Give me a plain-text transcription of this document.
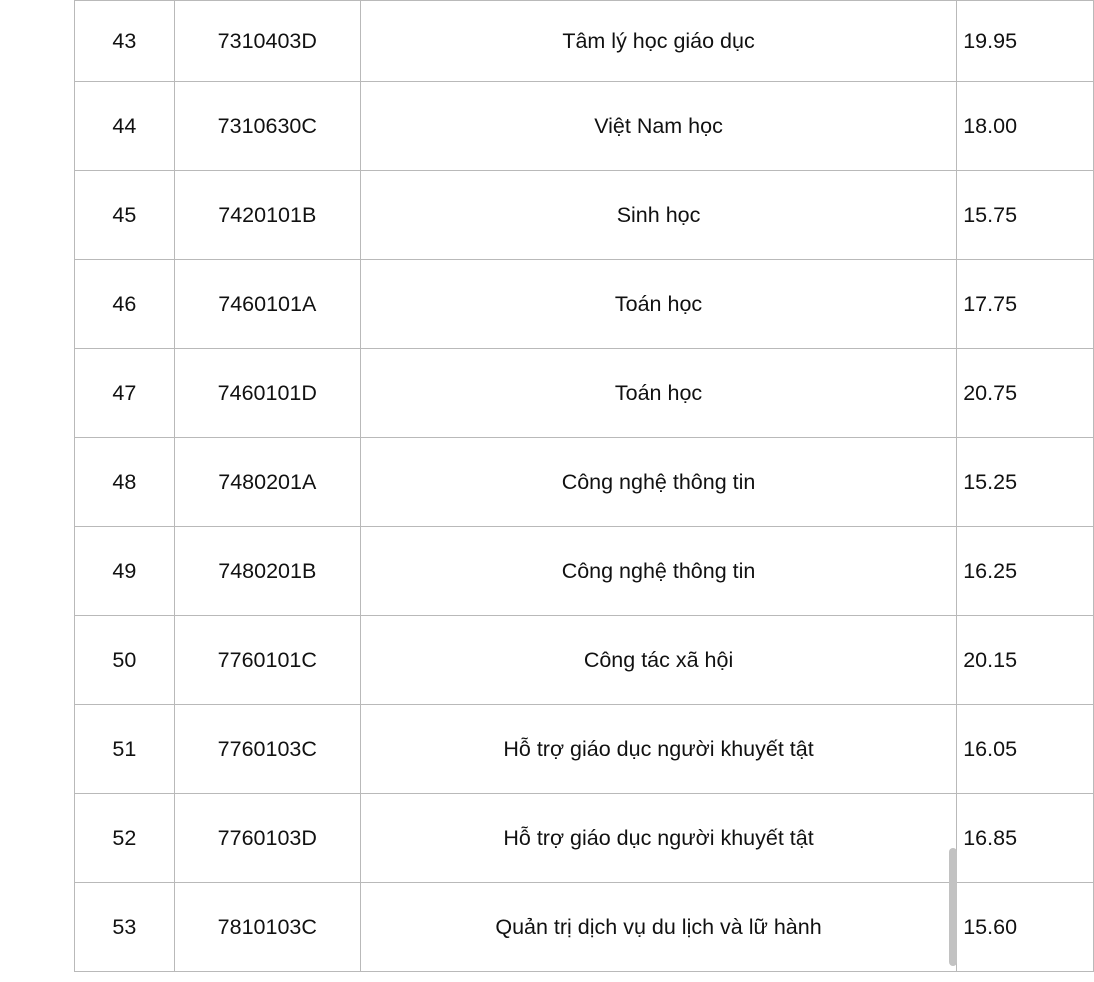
43	7310403D	Tâm lý học giáo dục	19.95
44	7310630C	Việt Nam học	18.00
45	7420101B	Sinh học	15.75
46	7460101A	Toán học	17.75
47	7460101D	Toán học	20.75
48	7480201A	Công nghệ thông tin	15.25
49	7480201B	Công nghệ thông tin	16.25
50	7760101C	Công tác xã hội	20.15
51	7760103C	Hỗ trợ giáo dục người khuyết tật	16.05
52	7760103D	Hỗ trợ giáo dục người khuyết tật	16.85
53	7810103C	Quản trị dịch vụ du lịch và lữ hành	15.60
